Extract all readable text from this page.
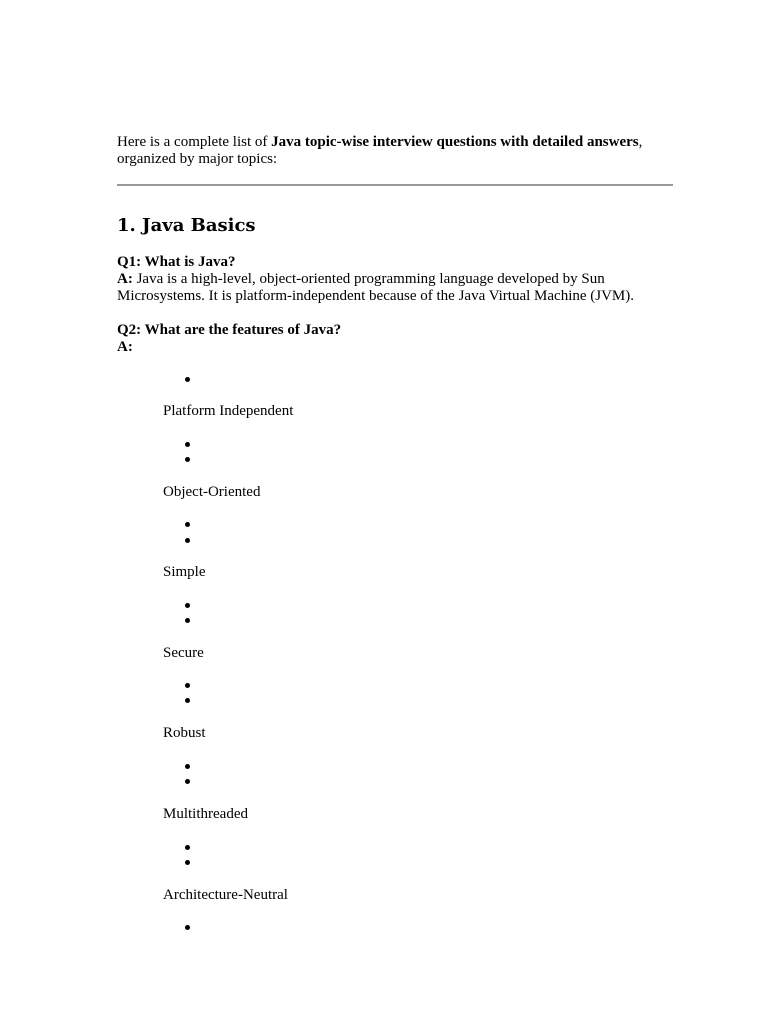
Here is a complete list of Java topic-wise interview questions with detailed answers, organized by major topics:

1. Java Basics
Q1: What is Java?
A: Java is a high-level, object-oriented programming language developed by Sun Microsystems. It is platform-independent because of the Java Virtual Machine (JVM).
Q2: What are the features of Java?
A:
Platform Independent
Object-Oriented
Simple
Secure
Robust
Multithreaded
Architecture-Neutral
